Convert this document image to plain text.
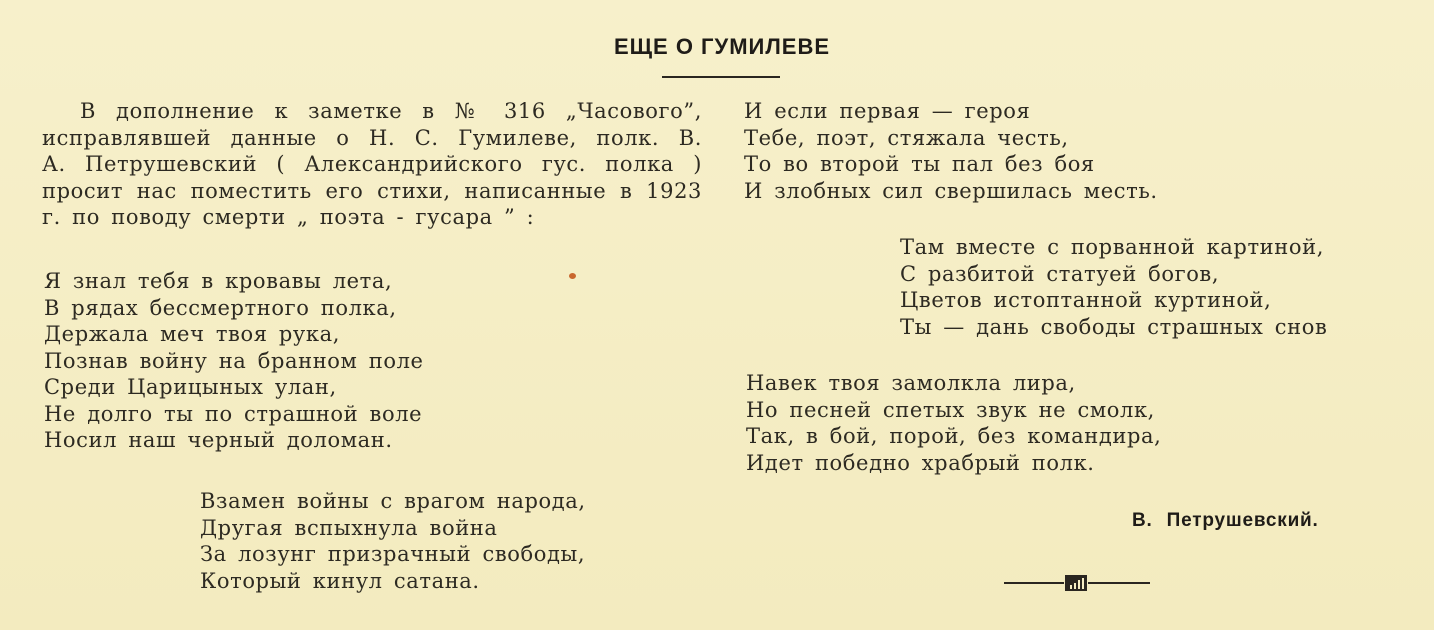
ЕЩЕ О ГУМИЛЕВЕ
В дополнение к заметке в № 316 „Часового”,
исправлявшей данные о Н. С. Гумилеве, полк. В.
А. Петрушевский ( Александрийского гус. полка )
просит нас поместить его стихи, написанные в 1923
г. по поводу смерти „ поэта - гусара ” :
Я знал тебя в кровавы лета,
В рядах бессмертного полка,
Держала меч твоя рука,
Познав войну на бранном поле
Среди Царицыных улан,
Не долго ты по страшной воле
Носил наш черный доломан.
Взамен войны с врагом народа,
Другая вспыхнула война
За лозунг призрачный свободы,
Который кинул сатана.
И если первая — героя
Тебе, поэт, стяжала честь,
То во второй ты пал без боя
И злобных сил свершилась месть.
Там вместе с порванной картиной,
С разбитой статуей богов,
Цветов истоптанной куртиной,
Ты — дань свободы страшных снов
Навек твоя замолкла лира,
Но песней спетых звук не смолк,
Так, в бой, порой, без командира,
Идет победно храбрый полк.
В. Петрушевский.
